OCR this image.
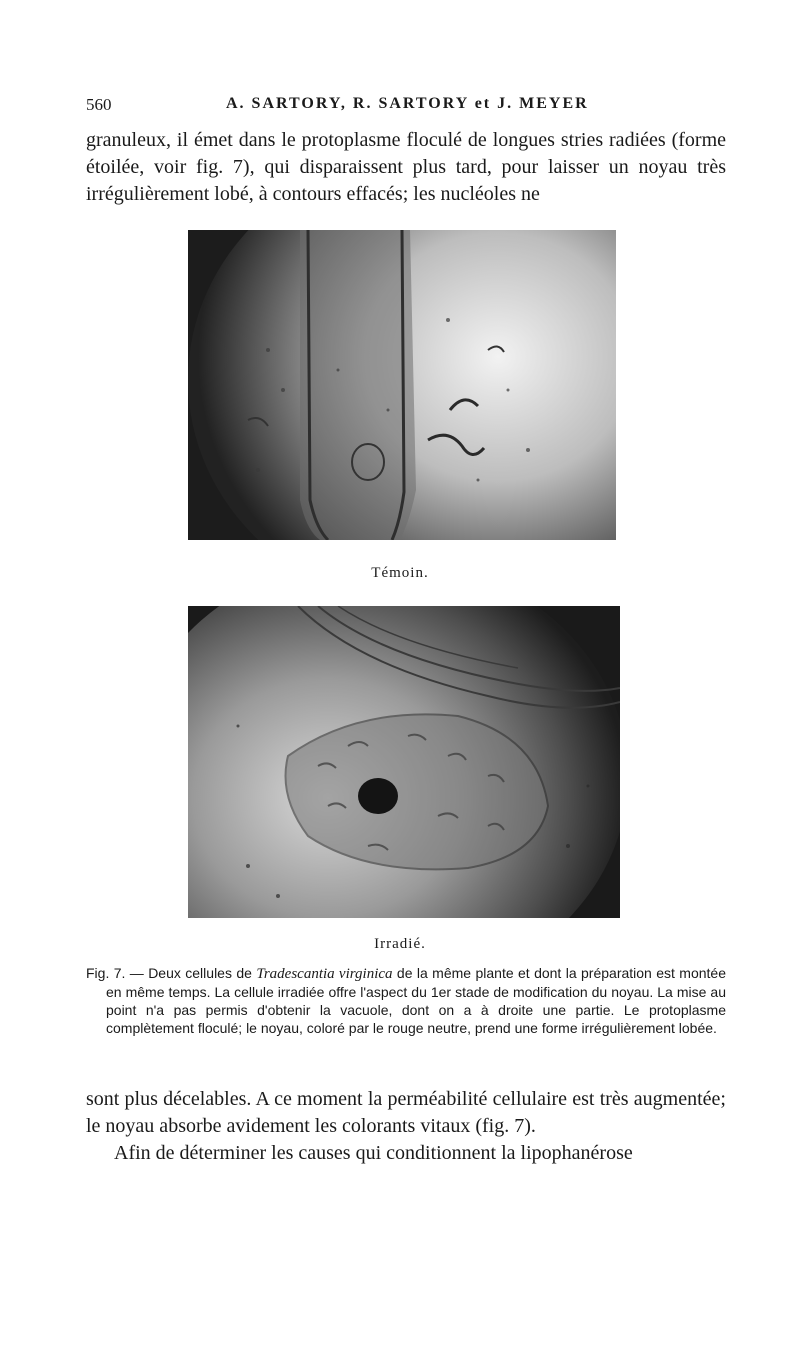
560	A. SARTORY, R. SARTORY et J. MEYER

granuleux, il émet dans le protoplasme floculé de longues stries radiées (forme étoilée, voir fig. 7), qui disparaissent plus tard, pour laisser un noyau très irrégulièrement lobé, à contours effacés; les nucléoles ne

Témoin.
Irradié.

Fig. 7. — Deux cellules de Tradescantia virginica de la même plante et dont la préparation est montée en même temps. La cellule irradiée offre l'aspect du 1er stade de modification du noyau. La mise au point n'a pas permis d'obtenir la vacuole, dont on a à droite une partie. Le protoplasme complètement floculé; le noyau, coloré par le rouge neutre, prend une forme irrégulièrement lobée.

sont plus décelables. A ce moment la perméabilité cellulaire est très augmentée; le noyau absorbe avidement les colorants vitaux (fig. 7).

Afin de déterminer les causes qui conditionnent la lipophanérose
